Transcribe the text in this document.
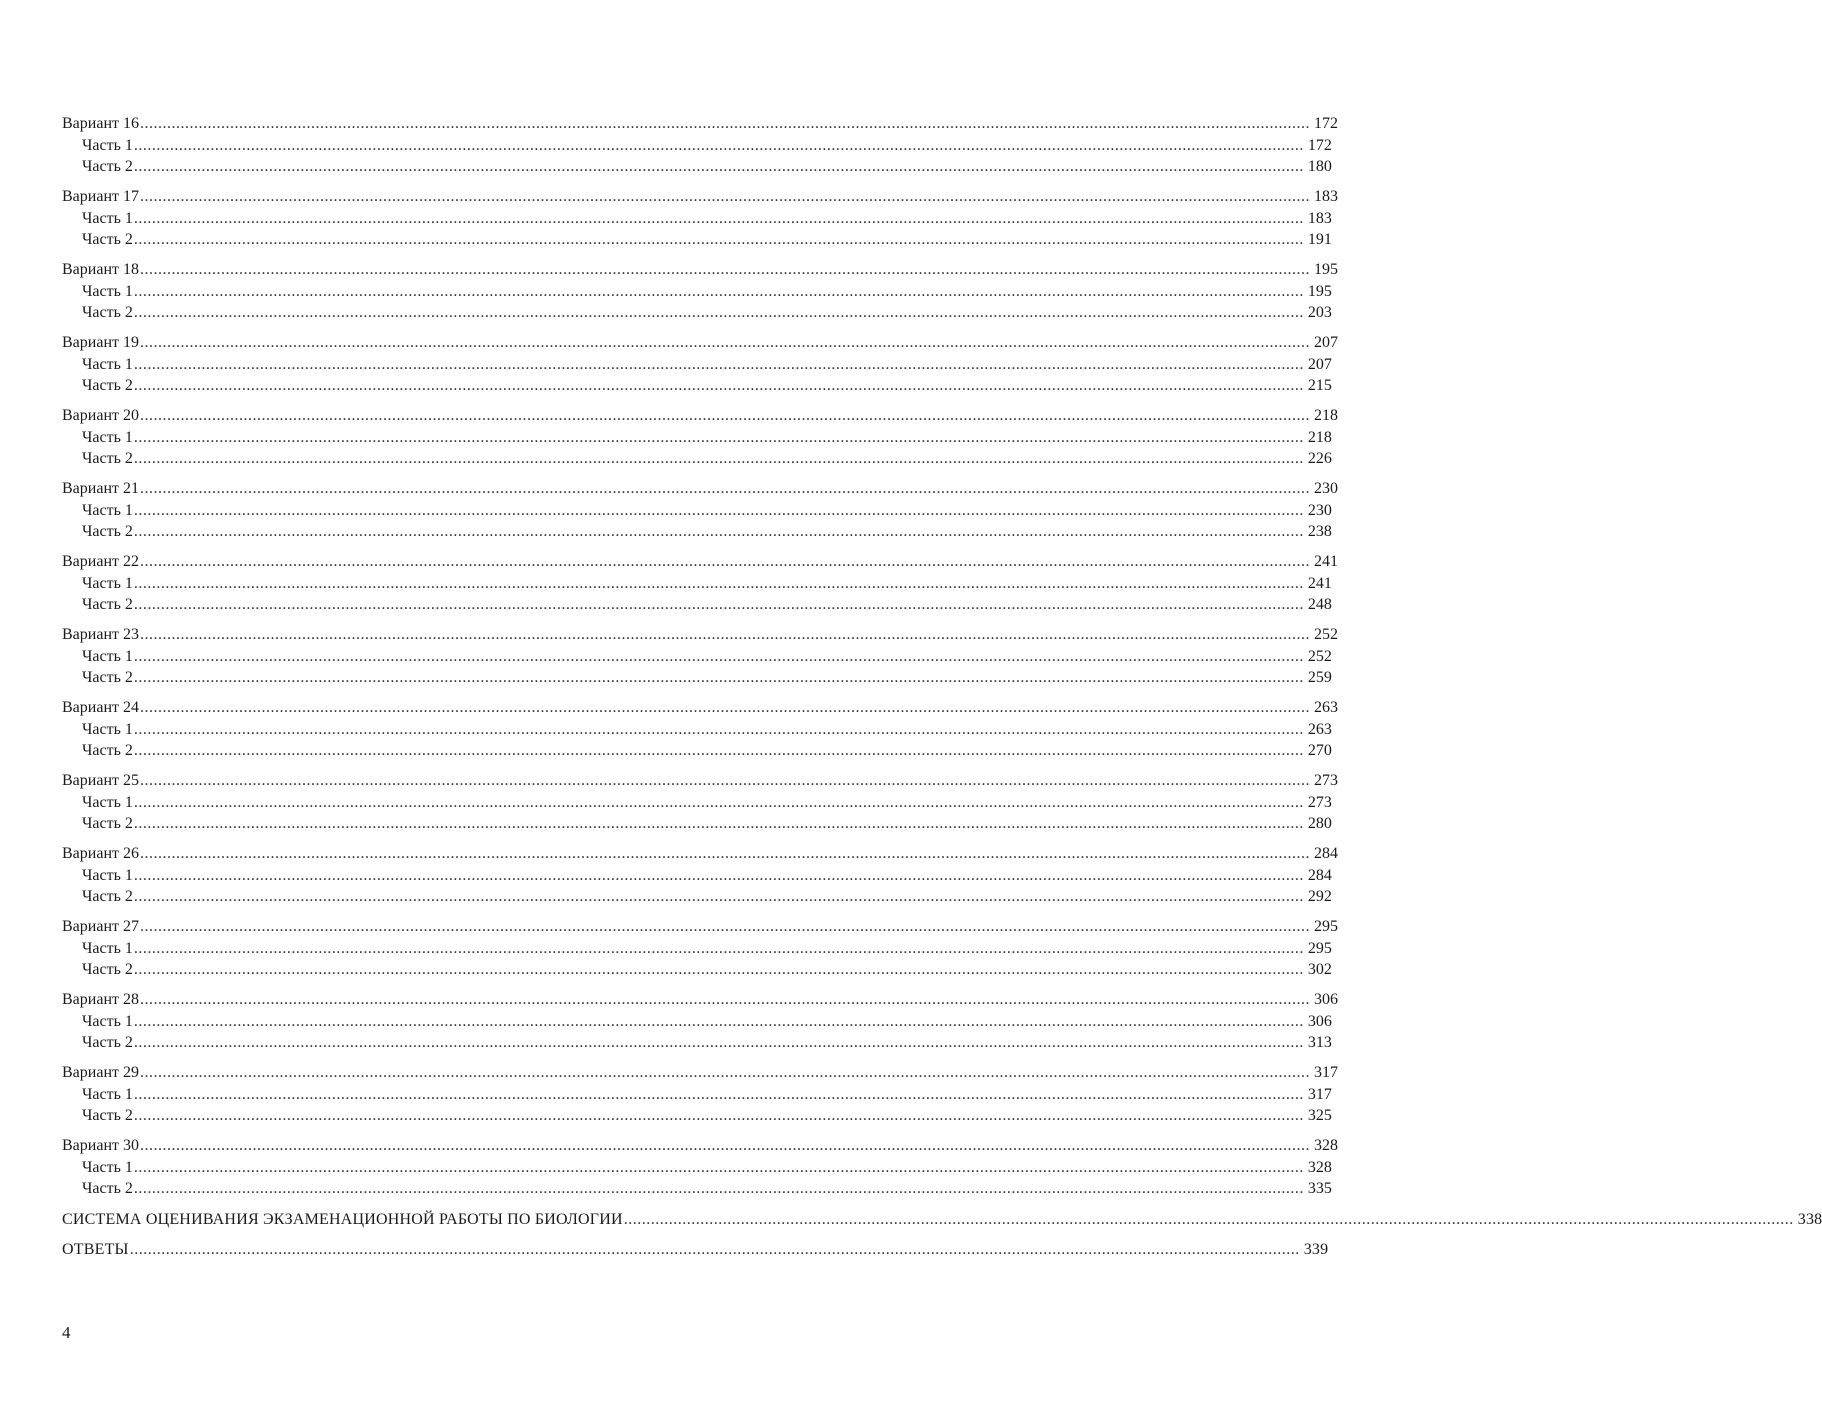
Вариант 16 .................................................................................................................................................................................................................................................................... 172
Часть 1 .................................................................................................................................................................................................................................................................... 172
Часть 2 .................................................................................................................................................................................................................................................................... 180
Вариант 17 .................................................................................................................................................................................................................................................................... 183
Часть 1 .................................................................................................................................................................................................................................................................... 183
Часть 2 .................................................................................................................................................................................................................................................................... 191
Вариант 18 .................................................................................................................................................................................................................................................................... 195
Часть 1 .................................................................................................................................................................................................................................................................... 195
Часть 2 .................................................................................................................................................................................................................................................................... 203
Вариант 19 .................................................................................................................................................................................................................................................................... 207
Часть 1 .................................................................................................................................................................................................................................................................... 207
Часть 2 .................................................................................................................................................................................................................................................................... 215
Вариант 20 .................................................................................................................................................................................................................................................................... 218
Часть 1 .................................................................................................................................................................................................................................................................... 218
Часть 2 .................................................................................................................................................................................................................................................................... 226
Вариант 21 .................................................................................................................................................................................................................................................................... 230
Часть 1 .................................................................................................................................................................................................................................................................... 230
Часть 2 .................................................................................................................................................................................................................................................................... 238
Вариант 22 .................................................................................................................................................................................................................................................................... 241
Часть 1 .................................................................................................................................................................................................................................................................... 241
Часть 2 .................................................................................................................................................................................................................................................................... 248
Вариант 23 .................................................................................................................................................................................................................................................................... 252
Часть 1 .................................................................................................................................................................................................................................................................... 252
Часть 2 .................................................................................................................................................................................................................................................................... 259
Вариант 24 .................................................................................................................................................................................................................................................................... 263
Часть 1 .................................................................................................................................................................................................................................................................... 263
Часть 2 .................................................................................................................................................................................................................................................................... 270
Вариант 25 .................................................................................................................................................................................................................................................................... 273
Часть 1 .................................................................................................................................................................................................................................................................... 273
Часть 2 .................................................................................................................................................................................................................................................................... 280
Вариант 26 .................................................................................................................................................................................................................................................................... 284
Часть 1 .................................................................................................................................................................................................................................................................... 284
Часть 2 .................................................................................................................................................................................................................................................................... 292
Вариант 27 .................................................................................................................................................................................................................................................................... 295
Часть 1 .................................................................................................................................................................................................................................................................... 295
Часть 2 .................................................................................................................................................................................................................................................................... 302
Вариант 28 .................................................................................................................................................................................................................................................................... 306
Часть 1 .................................................................................................................................................................................................................................................................... 306
Часть 2 .................................................................................................................................................................................................................................................................... 313
Вариант 29 .................................................................................................................................................................................................................................................................... 317
Часть 1 .................................................................................................................................................................................................................................................................... 317
Часть 2 .................................................................................................................................................................................................................................................................... 325
Вариант 30 .................................................................................................................................................................................................................................................................... 328
Часть 1 .................................................................................................................................................................................................................................................................... 328
Часть 2 .................................................................................................................................................................................................................................................................... 335
СИСТЕМА ОЦЕНИВАНИЯ ЭКЗАМЕНАЦИОННОЙ РАБОТЫ ПО БИОЛОГИИ .................................................................................................................................................................................................................................................................... 338
ОТВЕТЫ .................................................................................................................................................................................................................................................................... 339
4
